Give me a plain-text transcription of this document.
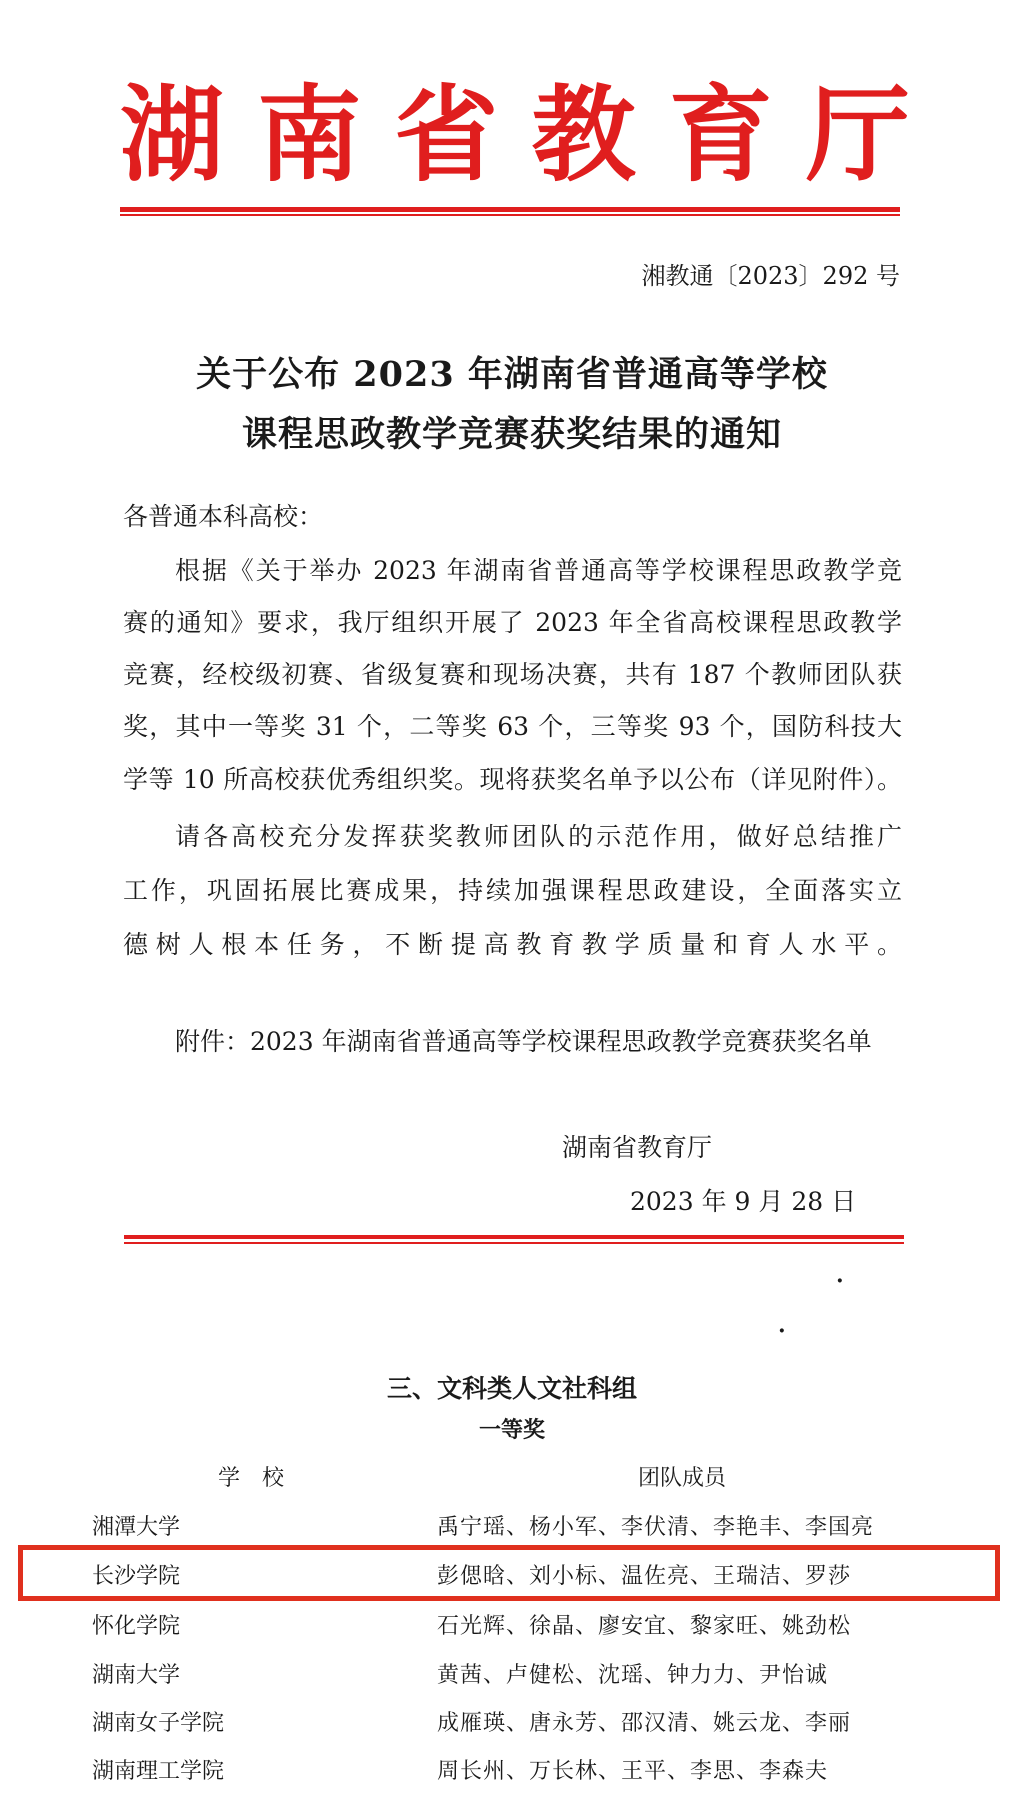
湖 南 省 教 育 厅
湘教通〔2023〕292 号
关于公布 2023 年湖南省普通高等学校
课程思政教学竞赛获奖结果的通知
各普通本科高校：
根据《关于举办 2023 年湖南省普通高等学校课程思政教学竞
赛的通知》要求，我厅组织开展了 2023 年全省高校课程思政教学
竞赛，经校级初赛、省级复赛和现场决赛，共有 187 个教师团队获
奖，其中一等奖 31 个，二等奖 63 个，三等奖 93 个，国防科技大
学等 10 所高校获优秀组织奖。现将获奖名单予以公布（详见附件）。
请各高校充分发挥获奖教师团队的示范作用，做好总结推广
工作，巩固拓展比赛成果，持续加强课程思政建设，全面落实立
德树人根本任务，不断提高教育教学质量和育人水平。
附件：2023 年湖南省普通高等学校课程思政教学竞赛获奖名单
湖南省教育厅
2023 年 9 月 28 日
·
·
三、文科类人文社科组
一等奖
学　校	团队成员
湘潭大学	禹宁瑶、杨小军、李伏清、李艳丰、李国亮
长沙学院	彭偲晗、刘小标、温佐亮、王瑞洁、罗莎
怀化学院	石光辉、徐晶、廖安宜、黎家旺、姚劲松
湖南大学	黄茜、卢健松、沈瑶、钟力力、尹怡诚
湖南女子学院	成雁瑛、唐永芳、邵汉清、姚云龙、李丽
湖南理工学院	周长州、万长林、王平、李思、李森夫
